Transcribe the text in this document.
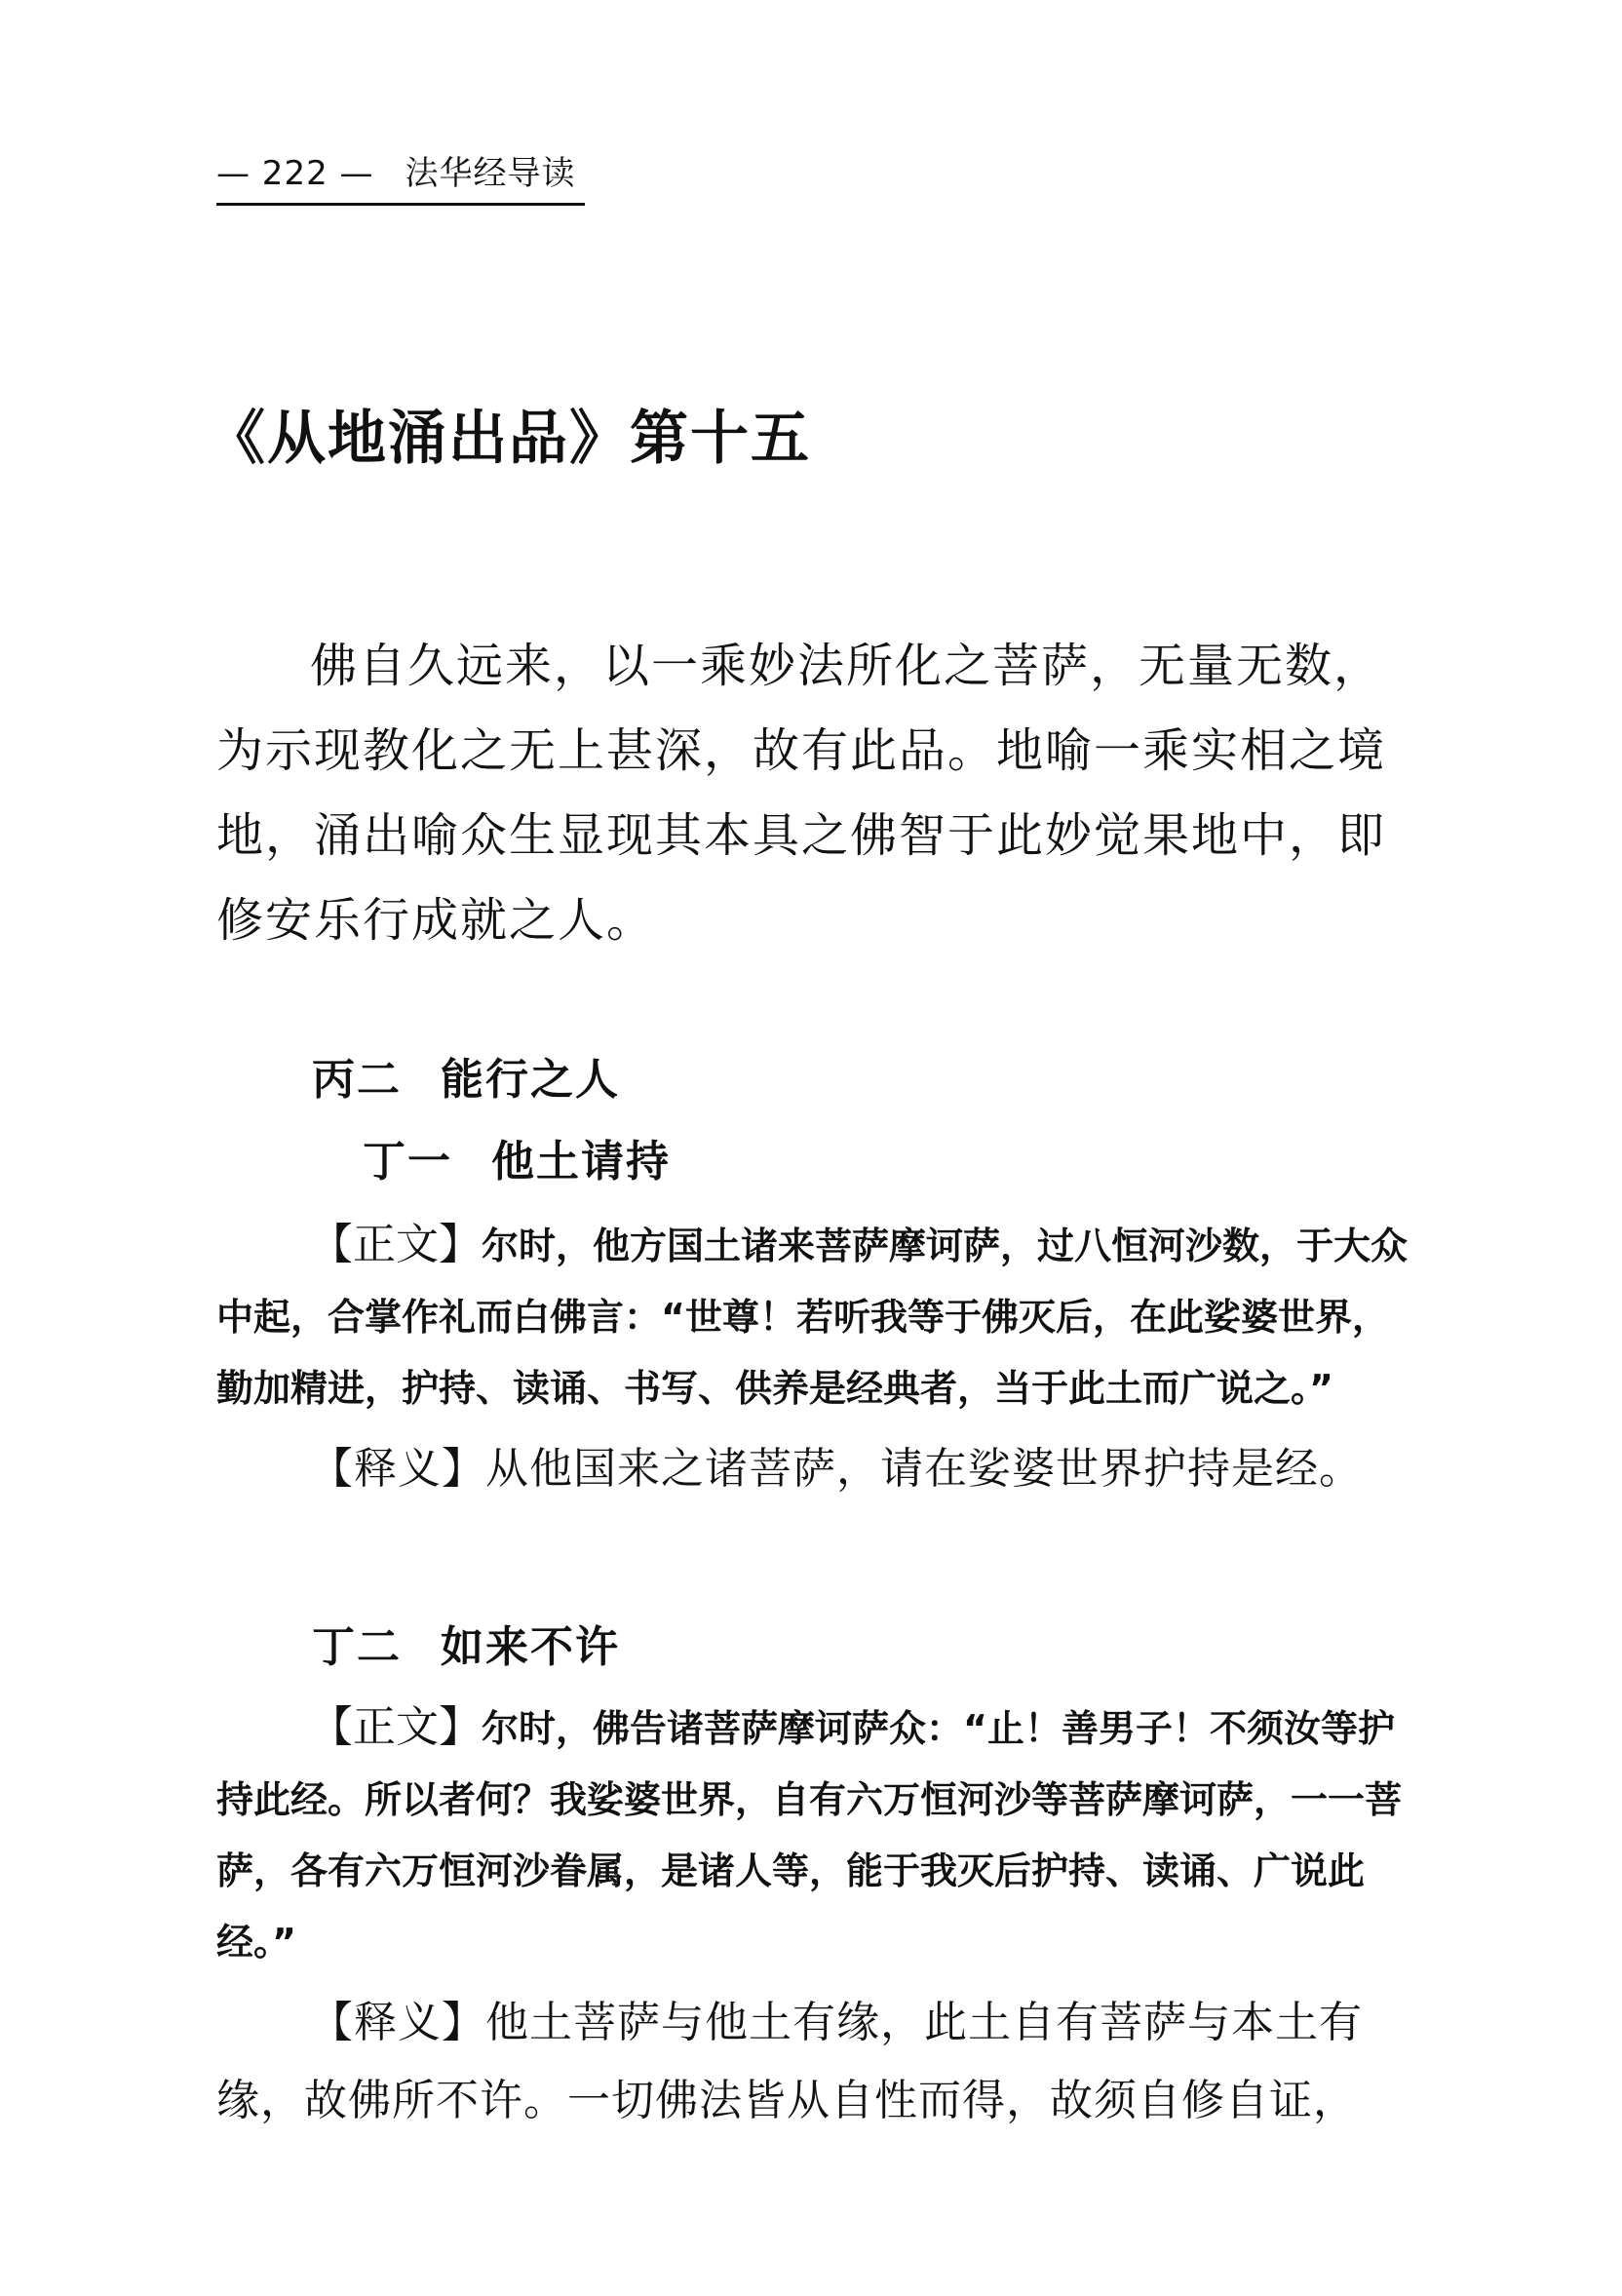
— 222 — 法华经导读
《从地涌出品》第十五

佛自久远来，以一乘妙法所化之菩萨，无量无数，为示现教化之无上甚深，故有此品。地喻一乘实相之境地，涌出喻众生显现其本具之佛智于此妙觉果地中，即修安乐行成就之人。

丙二 能行之人
丁一 他土请持

【正文】尔时，他方国土诸来菩萨摩诃萨，过八恒河沙数，于大众中起，合掌作礼而白佛言：“世尊！若听我等于佛灭后，在此娑婆世界，勤加精进，护持、读诵、书写、供养是经典者，当于此土而广说之。”

【释义】从他国来之诸菩萨，请在娑婆世界护持是经。

丁二 如来不许

【正文】尔时，佛告诸菩萨摩诃萨众：“止！善男子！不须汝等护持此经。所以者何？我娑婆世界，自有六万恒河沙等菩萨摩诃萨，一一菩萨，各有六万恒河沙眷属，是诸人等，能于我灭后护持、读诵、广说此经。”

【释义】他土菩萨与他土有缘，此土自有菩萨与本土有缘，故佛所不许。一切佛法皆从自性而得，故须自修自证，
